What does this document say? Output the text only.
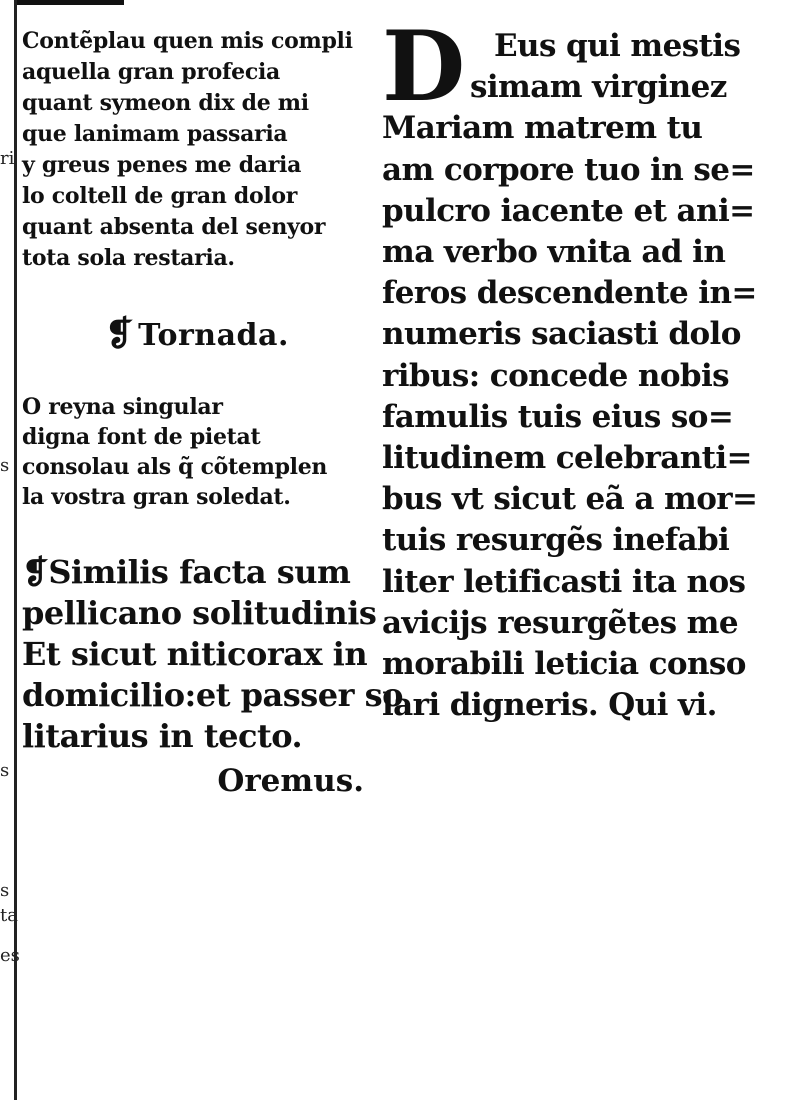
ri
s
s
s
ta
es
Contẽplau quen mis compli
aquella gran profecia
quant symeon dix de mi
que lanimam passaria
y greus penes me daria
lo coltell de gran dolor
quant absenta del senyor
tota sola restaria.
❡ Tornada.
O reyna singular
digna font de pietat
consolau als q̃ cõtemplen
la vostra gran soledat.
❡Similis facta sum
pellicano solitudinis
Et sicut niticorax in
domicilio:et passer so
litarius in tecto.
Oremus.
D Eus qui mestis
simam virginez
Mariam matrem tu
am corpore tuo in se=
pulcro iacente et ani=
ma verbo vnita ad in
feros descendente in=
numeris saciasti dolo
ribus: concede nobis
famulis tuis eius so=
litudinem celebranti=
bus vt sicut eã a mor=
tuis resurgẽs inefabi
liter letificasti ita nos
avicijs resurgẽtes me
morabili leticia conso
lari digneris. Qui vi.
